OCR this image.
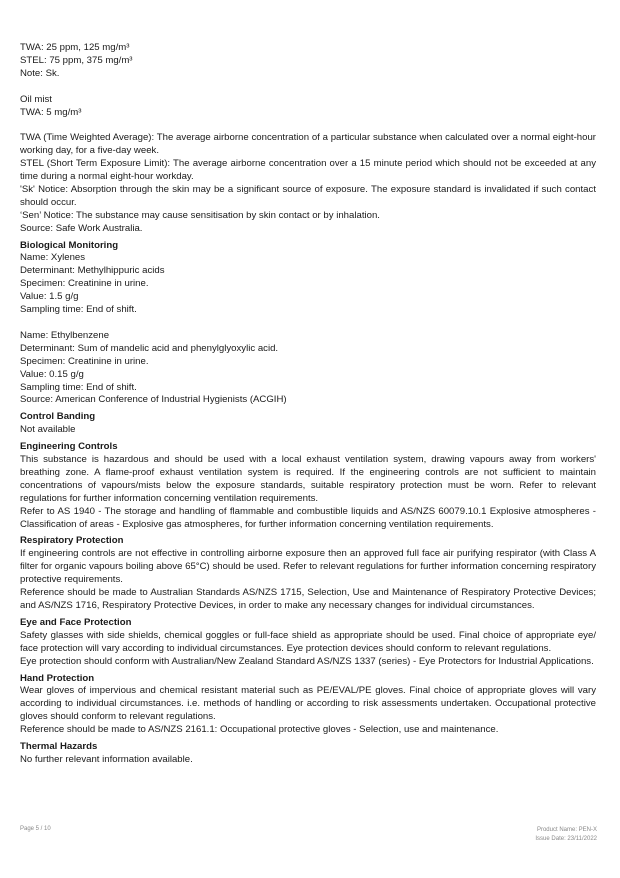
TWA: 25 ppm, 125 mg/m³
STEL: 75 ppm, 375 mg/m³
Note: Sk.
Oil mist
TWA: 5 mg/m³
TWA (Time Weighted Average): The average airborne concentration of a particular substance when calculated over a normal eight-hour working day, for a five-day week.
STEL (Short Term Exposure Limit): The average airborne concentration over a 15 minute period which should not be exceeded at any time during a normal eight-hour workday.
'Sk' Notice: Absorption through the skin may be a significant source of exposure. The exposure standard is invalidated if such contact should occur.
‘Sen’ Notice: The substance may cause sensitisation by skin contact or by inhalation.
Source: Safe Work Australia.
Biological Monitoring
Name: Xylenes
Determinant: Methylhippuric acids
Specimen: Creatinine in urine.
Value: 1.5 g/g
Sampling time: End of shift.
Name: Ethylbenzene
Determinant: Sum of mandelic acid and phenylglyoxylic acid.
Specimen: Creatinine in urine.
Value: 0.15 g/g
Sampling time: End of shift.
Source: American Conference of Industrial Hygienists (ACGIH)
Control Banding
Not available
Engineering Controls
This substance is hazardous and should be used with a local exhaust ventilation system, drawing vapours away from workers' breathing zone. A flame-proof exhaust ventilation system is required. If the engineering controls are not sufficient to maintain concentrations of vapours/mists below the exposure standards, suitable respiratory protection must be worn. Refer to relevant regulations for further information concerning ventilation requirements.
Refer to AS 1940 - The storage and handling of flammable and combustible liquids and AS/NZS 60079.10.1 Explosive atmospheres - Classification of areas - Explosive gas atmospheres, for further information concerning ventilation requirements.
Respiratory Protection
If engineering controls are not effective in controlling airborne exposure then an approved full face air purifying respirator (with Class A filter for organic vapours boiling above 65°C) should be used. Refer to relevant regulations for further information concerning respiratory protective requirements.
Reference should be made to Australian Standards AS/NZS 1715, Selection, Use and Maintenance of Respiratory Protective Devices; and AS/NZS 1716, Respiratory Protective Devices, in order to make any necessary changes for individual circumstances.
Eye and Face Protection
Safety glasses with side shields, chemical goggles or full-face shield as appropriate should be used. Final choice of appropriate eye/ face protection will vary according to individual circumstances. Eye protection devices should conform to relevant regulations.
Eye protection should conform with Australian/New Zealand Standard AS/NZS 1337 (series) - Eye Protectors for Industrial Applications.
Hand Protection
Wear gloves of impervious and chemical resistant material such as PE/EVAL/PE gloves. Final choice of appropriate gloves will vary according to individual circumstances. i.e. methods of handling or according to risk assessments undertaken. Occupational protective gloves should conform to relevant regulations.
Reference should be made to AS/NZS 2161.1: Occupational protective gloves - Selection, use and maintenance.
Thermal Hazards
No further relevant information available.
Page 5 / 10	Product Name: PEN-X
Issue Date: 23/11/2022
